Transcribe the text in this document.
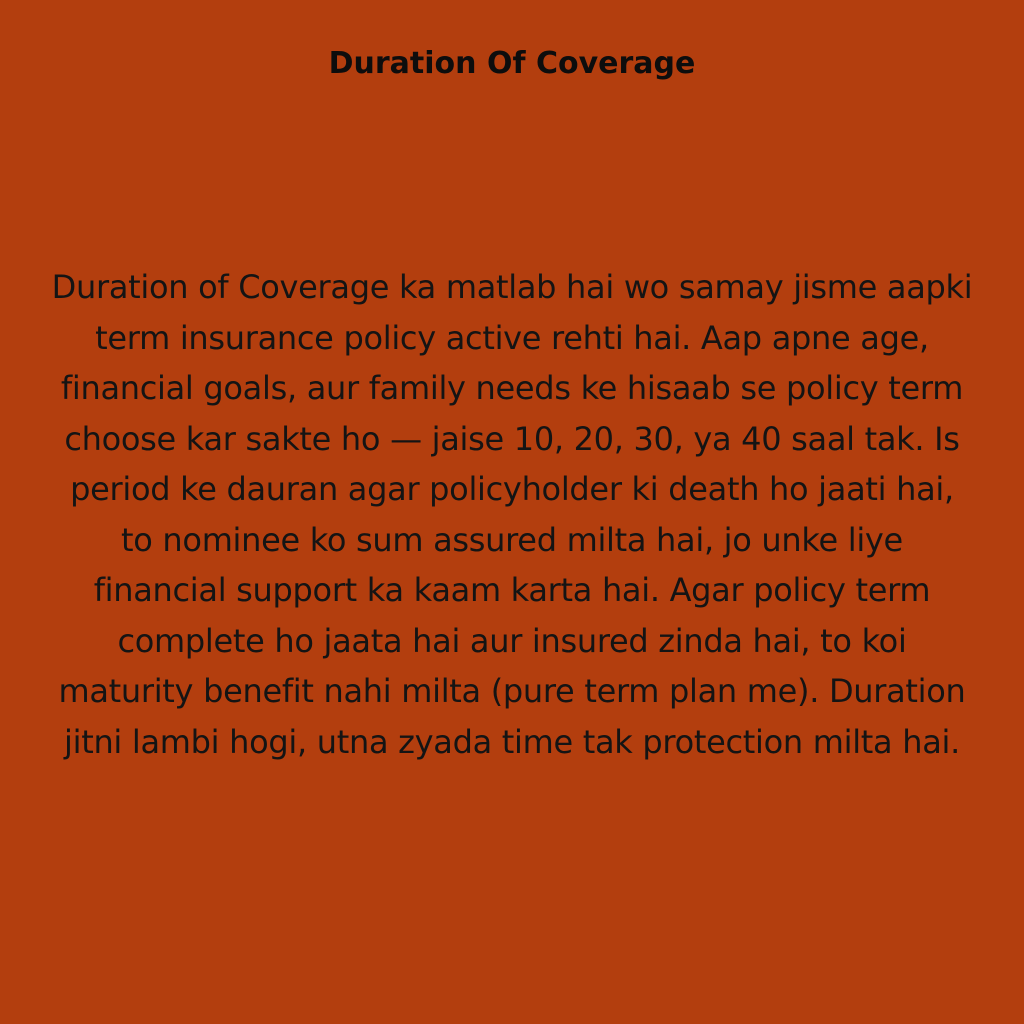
Duration Of Coverage

Duration of Coverage ka matlab hai wo samay jisme aapki
term insurance policy active rehti hai. Aap apne age,
financial goals, aur family needs ke hisaab se policy term
choose kar sakte ho — jaise 10, 20, 30, ya 40 saal tak. Is
period ke dauran agar policyholder ki death ho jaati hai,
to nominee ko sum assured milta hai, jo unke liye
financial support ka kaam karta hai. Agar policy term
complete ho jaata hai aur insured zinda hai, to koi
maturity benefit nahi milta (pure term plan me). Duration
jitni lambi hogi, utna zyada time tak protection milta hai.
